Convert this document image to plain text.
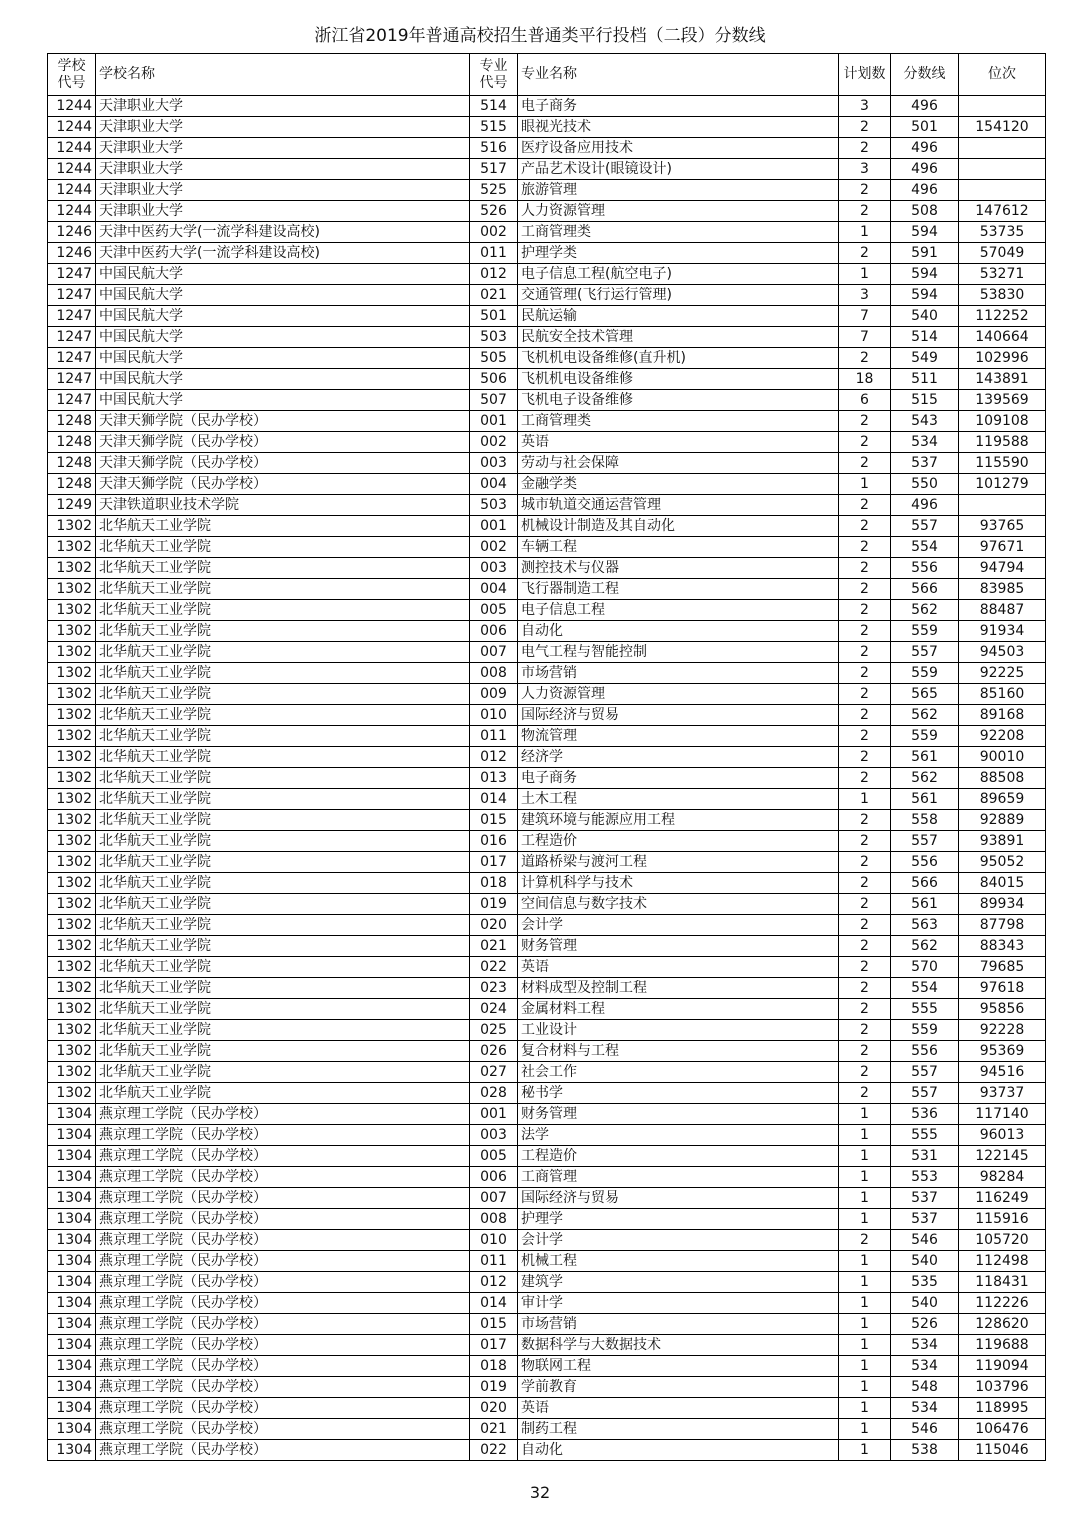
浙江省2019年普通高校招生普通类平行投档（二段）分数线
学校代号	学校名称	专业代号	专业名称	计划数	分数线	位次
1244	天津职业大学	514	电子商务	3	496	
1244	天津职业大学	515	眼视光技术	2	501	154120
1244	天津职业大学	516	医疗设备应用技术	2	496	
1244	天津职业大学	517	产品艺术设计(眼镜设计)	3	496	
1244	天津职业大学	525	旅游管理	2	496	
1244	天津职业大学	526	人力资源管理	2	508	147612
1246	天津中医药大学(一流学科建设高校)	002	工商管理类	1	594	53735
1246	天津中医药大学(一流学科建设高校)	011	护理学类	2	591	57049
1247	中国民航大学	012	电子信息工程(航空电子)	1	594	53271
1247	中国民航大学	021	交通管理(飞行运行管理)	3	594	53830
1247	中国民航大学	501	民航运输	7	540	112252
1247	中国民航大学	503	民航安全技术管理	7	514	140664
1247	中国民航大学	505	飞机机电设备维修(直升机)	2	549	102996
1247	中国民航大学	506	飞机机电设备维修	18	511	143891
1247	中国民航大学	507	飞机电子设备维修	6	515	139569
1248	天津天狮学院（民办学校）	001	工商管理类	2	543	109108
1248	天津天狮学院（民办学校）	002	英语	2	534	119588
1248	天津天狮学院（民办学校）	003	劳动与社会保障	2	537	115590
1248	天津天狮学院（民办学校）	004	金融学类	1	550	101279
1249	天津铁道职业技术学院	503	城市轨道交通运营管理	2	496	
1302	北华航天工业学院	001	机械设计制造及其自动化	2	557	93765
1302	北华航天工业学院	002	车辆工程	2	554	97671
1302	北华航天工业学院	003	测控技术与仪器	2	556	94794
1302	北华航天工业学院	004	飞行器制造工程	2	566	83985
1302	北华航天工业学院	005	电子信息工程	2	562	88487
1302	北华航天工业学院	006	自动化	2	559	91934
1302	北华航天工业学院	007	电气工程与智能控制	2	557	94503
1302	北华航天工业学院	008	市场营销	2	559	92225
1302	北华航天工业学院	009	人力资源管理	2	565	85160
1302	北华航天工业学院	010	国际经济与贸易	2	562	89168
1302	北华航天工业学院	011	物流管理	2	559	92208
1302	北华航天工业学院	012	经济学	2	561	90010
1302	北华航天工业学院	013	电子商务	2	562	88508
1302	北华航天工业学院	014	土木工程	1	561	89659
1302	北华航天工业学院	015	建筑环境与能源应用工程	2	558	92889
1302	北华航天工业学院	016	工程造价	2	557	93891
1302	北华航天工业学院	017	道路桥梁与渡河工程	2	556	95052
1302	北华航天工业学院	018	计算机科学与技术	2	566	84015
1302	北华航天工业学院	019	空间信息与数字技术	2	561	89934
1302	北华航天工业学院	020	会计学	2	563	87798
1302	北华航天工业学院	021	财务管理	2	562	88343
1302	北华航天工业学院	022	英语	2	570	79685
1302	北华航天工业学院	023	材料成型及控制工程	2	554	97618
1302	北华航天工业学院	024	金属材料工程	2	555	95856
1302	北华航天工业学院	025	工业设计	2	559	92228
1302	北华航天工业学院	026	复合材料与工程	2	556	95369
1302	北华航天工业学院	027	社会工作	2	557	94516
1302	北华航天工业学院	028	秘书学	2	557	93737
1304	燕京理工学院（民办学校）	001	财务管理	1	536	117140
1304	燕京理工学院（民办学校）	003	法学	1	555	96013
1304	燕京理工学院（民办学校）	005	工程造价	1	531	122145
1304	燕京理工学院（民办学校）	006	工商管理	1	553	98284
1304	燕京理工学院（民办学校）	007	国际经济与贸易	1	537	116249
1304	燕京理工学院（民办学校）	008	护理学	1	537	115916
1304	燕京理工学院（民办学校）	010	会计学	2	546	105720
1304	燕京理工学院（民办学校）	011	机械工程	1	540	112498
1304	燕京理工学院（民办学校）	012	建筑学	1	535	118431
1304	燕京理工学院（民办学校）	014	审计学	1	540	112226
1304	燕京理工学院（民办学校）	015	市场营销	1	526	128620
1304	燕京理工学院（民办学校）	017	数据科学与大数据技术	1	534	119688
1304	燕京理工学院（民办学校）	018	物联网工程	1	534	119094
1304	燕京理工学院（民办学校）	019	学前教育	1	548	103796
1304	燕京理工学院（民办学校）	020	英语	1	534	118995
1304	燕京理工学院（民办学校）	021	制药工程	1	546	106476
1304	燕京理工学院（民办学校）	022	自动化	1	538	115046
32
